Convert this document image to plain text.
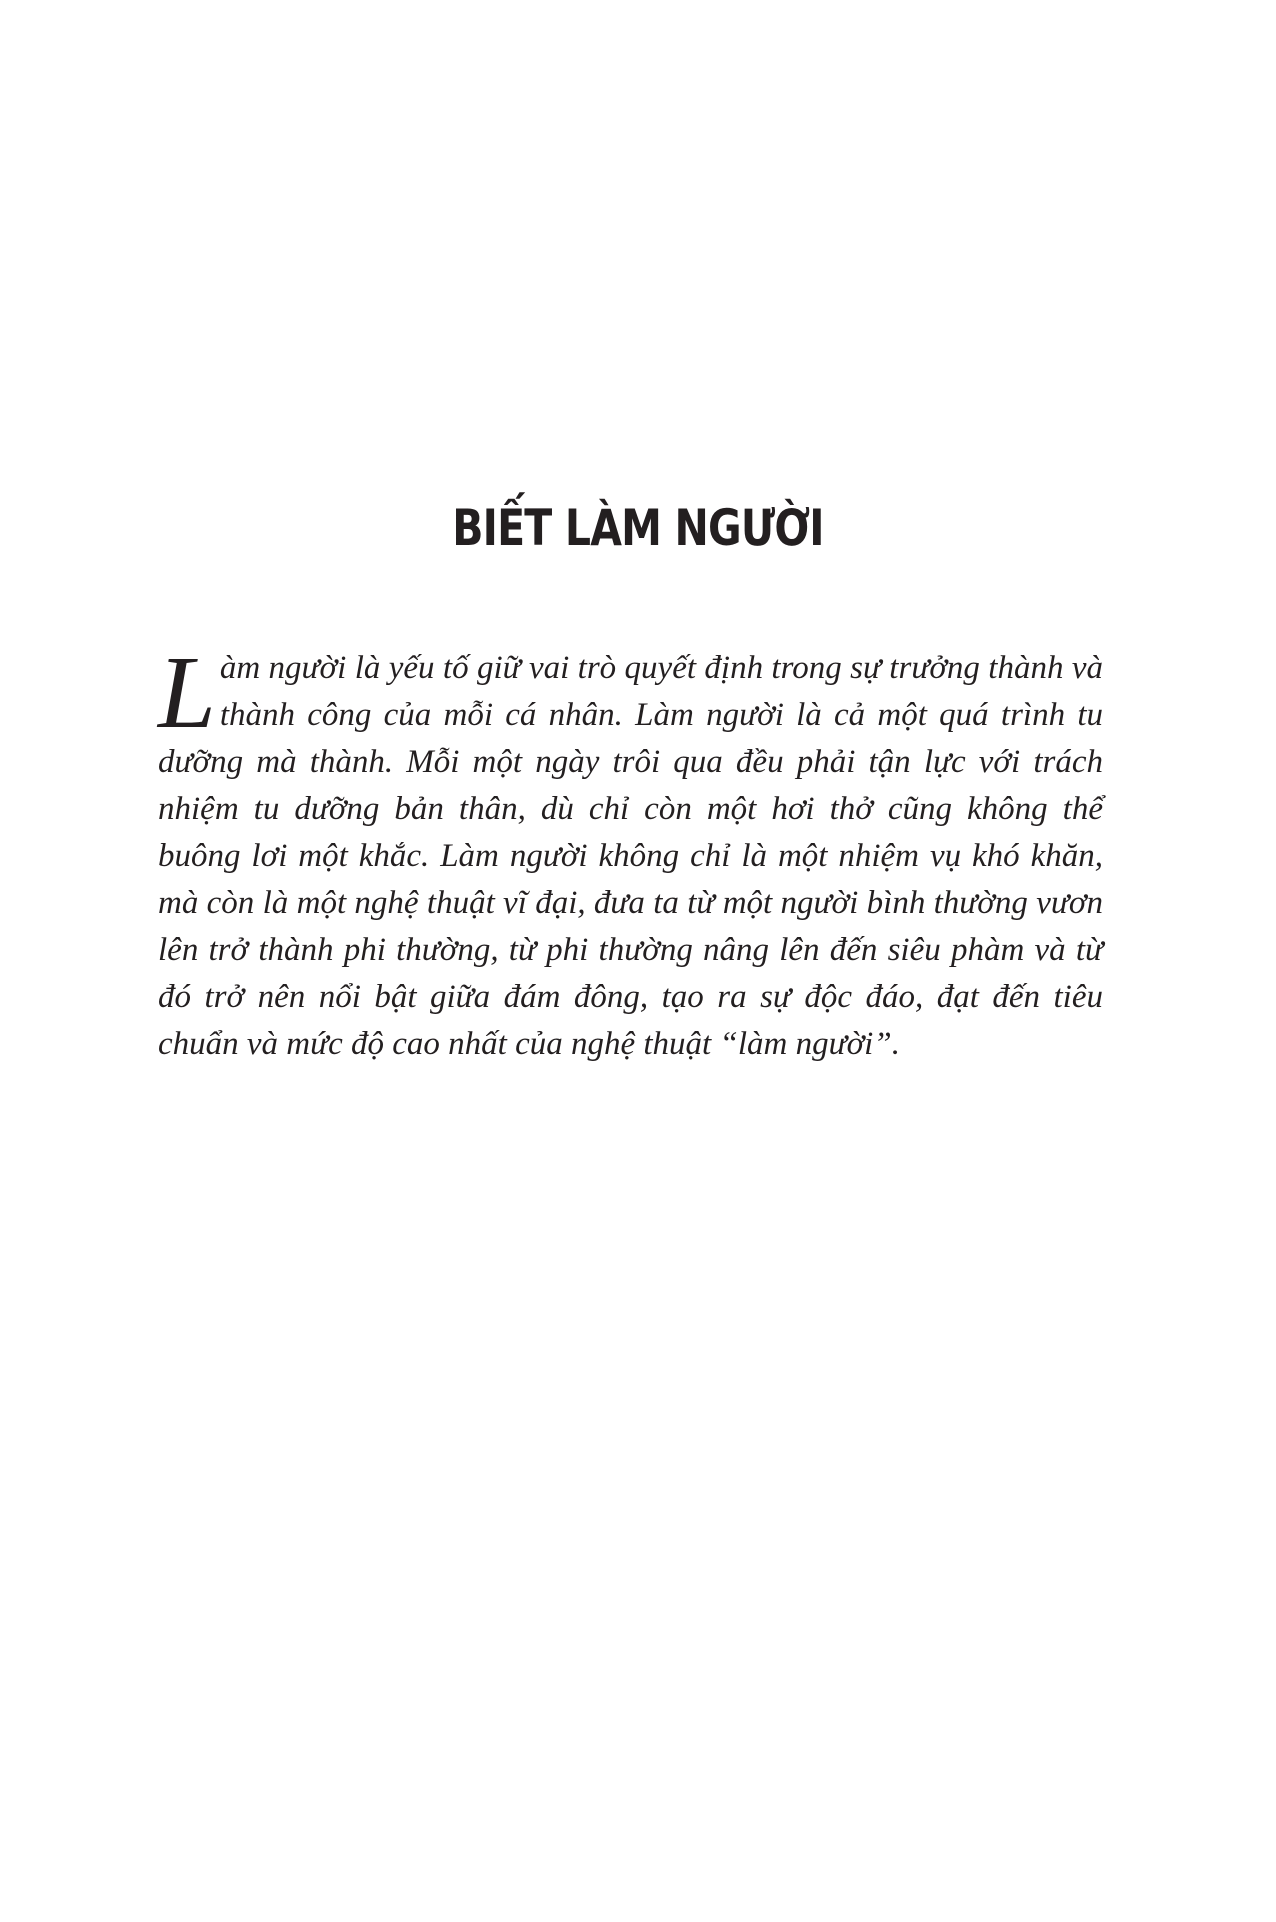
BIẾT LÀM NGƯỜI

Làm người là yếu tố giữ vai trò quyết định trong sự trưởng thành và thành công của mỗi cá nhân. Làm người là cả một quá trình tu dưỡng mà thành. Mỗi một ngày trôi qua đều phải tận lực với trách nhiệm tu dưỡng bản thân, dù chỉ còn một hơi thở cũng không thể buông lơi một khắc. Làm người không chỉ là một nhiệm vụ khó khăn, mà còn là một nghệ thuật vĩ đại, đưa ta từ một người bình thường vươn lên trở thành phi thường, từ phi thường nâng lên đến siêu phàm và từ đó trở nên nổi bật giữa đám đông, tạo ra sự độc đáo, đạt đến tiêu chuẩn và mức độ cao nhất của nghệ thuật “làm người”.
